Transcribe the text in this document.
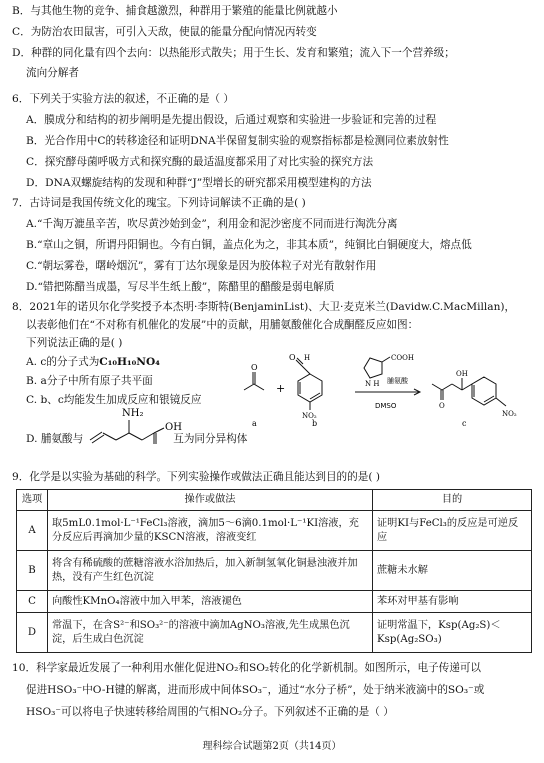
B．与其他生物的竞争、捕食越激烈，种群用于繁殖的能量比例就越小
C．为防治农田鼠害，可引入天敌，使鼠的能量分配向情况丙转变
D．种群的同化量有四个去向：以热能形式散失；用于生长、发育和繁殖；流入下一个营养级；
流向分解者
6．下列关于实验方法的叙述，不正确的是（ ）
A．膜成分和结构的初步阐明是先提出假设，后通过观察和实验进一步验证和完善的过程
B．光合作用中C的转移途径和证明DNA半保留复制实验的观察指标都是检测同位素放射性
C．探究酵母菌呼吸方式和探究酶的最适温度都采用了对比实验的探究方法
D．DNA双螺旋结构的发现和种群“J”型增长的研究都采用模型建构的方法
7．古诗词是我国传统文化的瑰宝。下列诗词解读不正确的是( )
A.“千淘万漉虽辛苦，吹尽黄沙始到金”，利用金和泥沙密度不同而进行淘洗分离
B.“章山之铜，所谓丹阳铜也。今有白铜，盖点化为之，非其本质”，纯铜比白铜硬度大，熔点低
C.“朝坛雾卷，曙岭烟沉”，雾有丁达尔现象是因为胶体粒子对光有散射作用
D.“错把陈醋当成墨，写尽半生纸上酸”，陈醋里的醋酸是弱电解质
8．2021年的诺贝尔化学奖授予本杰明·李斯特(BenjaminList)、大卫·麦克米兰(Davidw.C.MacMillan)，
以表彰他们在“不对称有机催化的发展”中的贡献，用脯氨酸催化合成酮醛反应如图：
下列说法正确的是( )
A. c的分子式为C₁₀H₁₀NO₄
B. a分子中所有原子共平面
C. b、c均能发生加成反应和银镜反应
D. 脯氨酸与	互为同分异构体
NH₂
OH
O
a
+
O H
NO₂
b
COOH
N H 脯氨酸
DMSO	O
OH
NO₂
c
9．化学是以实验为基础的科学。下列实验操作或做法正确且能达到目的的是( )
选项	操作或做法	目的
A	取5mL0.1mol·L⁻¹FeCl₃溶液，滴加5～6滴0.1mol·L⁻¹KI溶液，充分反应后再滴加少量的KSCN溶液，溶液变红	证明KI与FeCl₃的反应是可逆反应
B	将含有稀硫酸的蔗糖溶液水浴加热后，加入新制氢氧化铜悬浊液并加热，没有产生红色沉淀	蔗糖未水解
C	向酸性KMnO₄溶液中加入甲苯，溶液褪色	苯环对甲基有影响
D	常温下，在含S²⁻和SO₃²⁻的溶液中滴加AgNO₃溶液,先生成黑色沉淀，后生成白色沉淀	证明常温下，Ksp(Ag₂S)＜Ksp(Ag₂SO₃)
10．科学家最近发展了一种利用水催化促进NO₂和SO₂转化的化学新机制。如图所示，电子传递可以
促进HSO₃⁻中O-H键的解离，进而形成中间体SO₃⁻，通过“水分子桥”，处于纳米液滴中的SO₃⁻或
HSO₃⁻可以将电子快速转移给周围的气相NO₂分子。下列叙述不正确的是（ ）
理科综合试题第2页（共14页）
